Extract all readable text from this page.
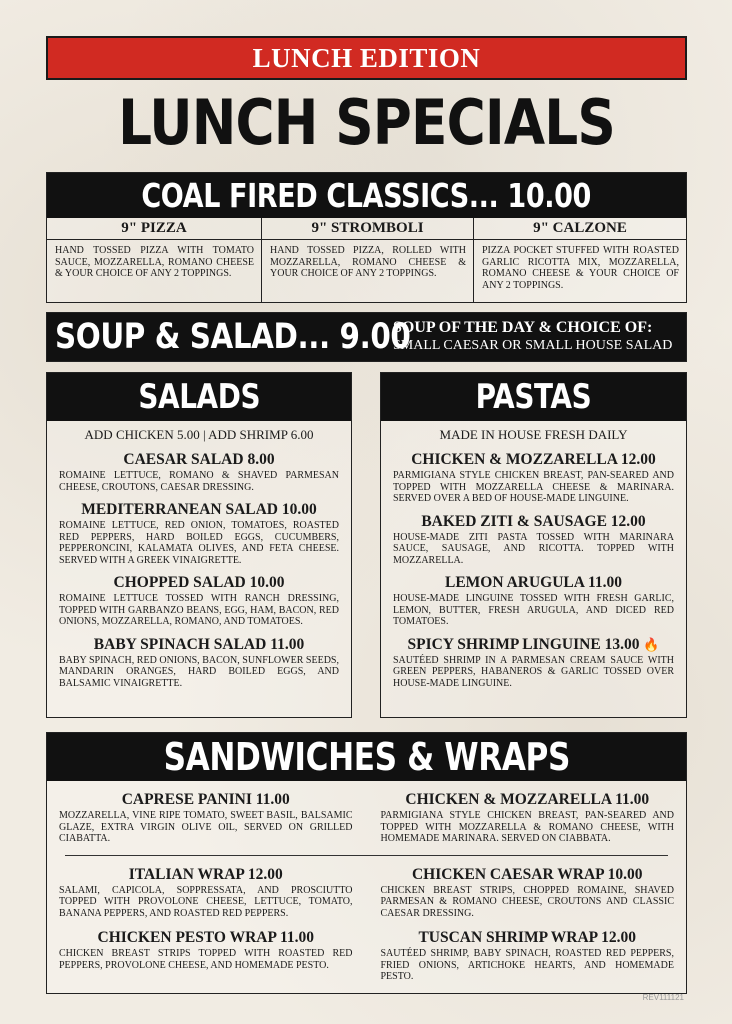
LUNCH EDITION
LUNCH SPECIALS
COAL FIRED CLASSICS... 10.00
9" PIZZA
HAND TOSSED PIZZA WITH TOMATO SAUCE, MOZZARELLA, ROMANO CHEESE & YOUR CHOICE OF ANY 2 TOPPINGS.
9" STROMBOLI
HAND TOSSED PIZZA, ROLLED WITH MOZZARELLA, ROMANO CHEESE & YOUR CHOICE OF ANY 2 TOPPINGS.
9" CALZONE
PIZZA POCKET STUFFED WITH ROASTED GARLIC RICOTTA MIX, MOZZARELLA, ROMANO CHEESE & YOUR CHOICE OF ANY 2 TOPPINGS.
SOUP & SALAD... 9.00
SOUP OF THE DAY & CHOICE OF:
SMALL CAESAR OR SMALL HOUSE SALAD
SALADS
ADD CHICKEN 5.00 | ADD SHRIMP 6.00
CAESAR SALAD 8.00
ROMAINE LETTUCE, ROMANO & SHAVED PARMESAN CHEESE, CROUTONS, CAESAR DRESSING.
MEDITERRANEAN SALAD 10.00
ROMAINE LETTUCE, RED ONION, TOMATOES, ROASTED RED PEPPERS, HARD BOILED EGGS, CUCUMBERS, PEPPERONCINI, KALAMATA OLIVES, AND FETA CHEESE. SERVED WITH A GREEK VINAIGRETTE.
CHOPPED SALAD 10.00
ROMAINE LETTUCE TOSSED WITH RANCH DRESSING, TOPPED WITH GARBANZO BEANS, EGG, HAM, BACON, RED ONIONS, MOZZARELLA, ROMANO, AND TOMATOES.
BABY SPINACH SALAD 11.00
BABY SPINACH, RED ONIONS, BACON, SUNFLOWER SEEDS, MANDARIN ORANGES, HARD BOILED EGGS, AND BALSAMIC VINAIGRETTE.
PASTAS
MADE IN HOUSE FRESH DAILY
CHICKEN & MOZZARELLA 12.00
PARMIGIANA STYLE CHICKEN BREAST, PAN-SEARED AND TOPPED WITH MOZZARELLA CHEESE & MARINARA. SERVED OVER A BED OF HOUSE-MADE LINGUINE.
BAKED ZITI & SAUSAGE 12.00
HOUSE-MADE ZITI PASTA TOSSED WITH MARINARA SAUCE, SAUSAGE, AND RICOTTA. TOPPED WITH MOZZARELLA.
LEMON ARUGULA 11.00
HOUSE-MADE LINGUINE TOSSED WITH FRESH GARLIC, LEMON, BUTTER, FRESH ARUGULA, AND DICED RED TOMATOES.
SPICY SHRIMP LINGUINE 13.00 🔥
SAUTÉED SHRIMP IN A PARMESAN CREAM SAUCE WITH GREEN PEPPERS, HABANEROS & GARLIC TOSSED OVER HOUSE-MADE LINGUINE.
SANDWICHES & WRAPS
CAPRESE PANINI 11.00
MOZZARELLA, VINE RIPE TOMATO, SWEET BASIL, BALSAMIC GLAZE, EXTRA VIRGIN OLIVE OIL, SERVED ON GRILLED CIABATTA.
CHICKEN & MOZZARELLA 11.00
PARMIGIANA STYLE CHICKEN BREAST, PAN-SEARED AND TOPPED WITH MOZZARELLA & ROMANO CHEESE, WITH HOMEMADE MARINARA. SERVED ON CIABBATA.
ITALIAN WRAP 12.00
SALAMI, CAPICOLA, SOPPRESSATA, AND PROSCIUTTO TOPPED WITH PROVOLONE CHEESE, LETTUCE, TOMATO, BANANA PEPPERS, AND ROASTED RED PEPPERS.
CHICKEN CAESAR WRAP 10.00
CHICKEN BREAST STRIPS, CHOPPED ROMAINE, SHAVED PARMESAN & ROMANO CHEESE, CROUTONS AND CLASSIC CAESAR DRESSING.
CHICKEN PESTO WRAP 11.00
CHICKEN BREAST STRIPS TOPPED WITH ROASTED RED PEPPERS, PROVOLONE CHEESE, AND HOMEMADE PESTO.
TUSCAN SHRIMP WRAP 12.00
SAUTÉED SHRIMP, BABY SPINACH, ROASTED RED PEPPERS, FRIED ONIONS, ARTICHOKE HEARTS, AND HOMEMADE PESTO.
REV111121
